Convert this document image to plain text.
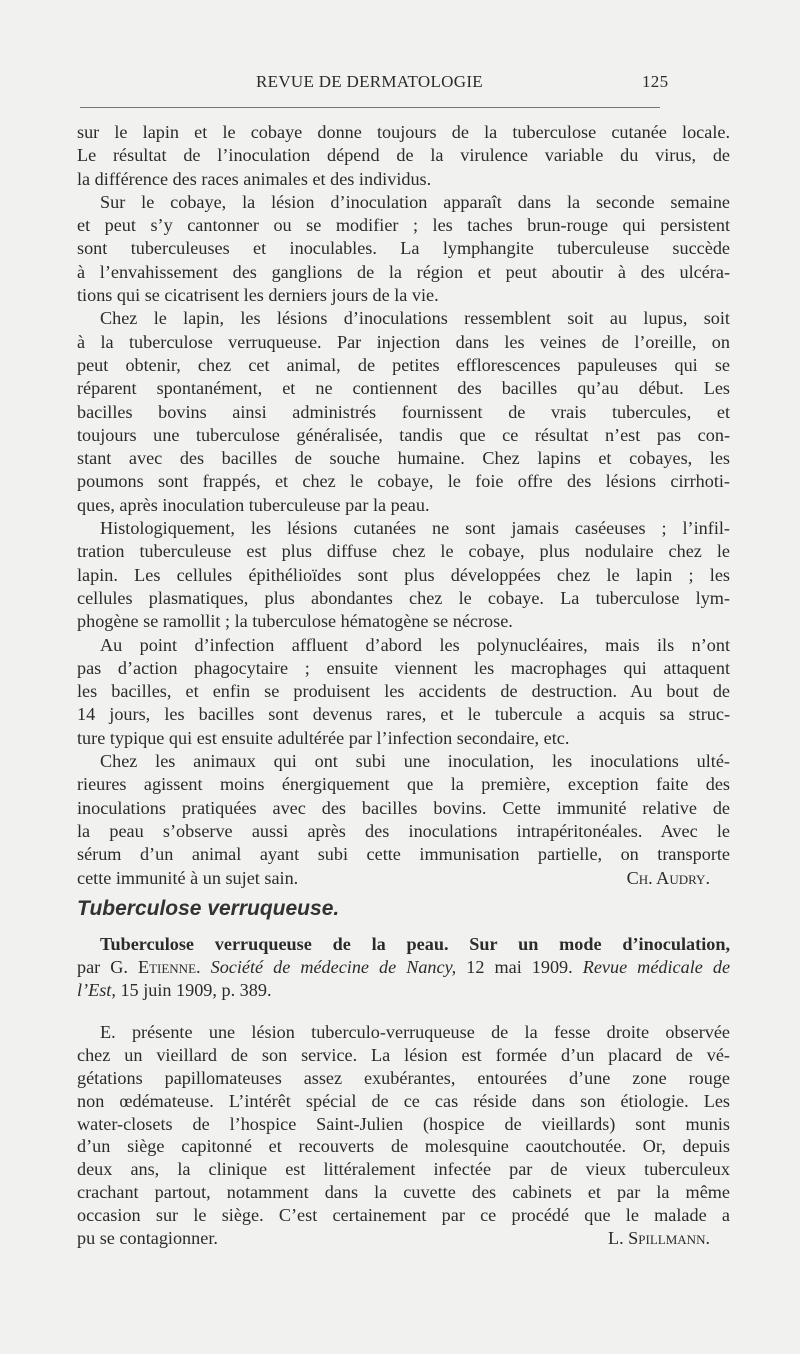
REVUE DE DERMATOLOGIE	125
sur le lapin et le cobaye donne toujours de la tuberculose cutanée locale.
Le résultat de l’inoculation dépend de la virulence variable du virus, de
la différence des races animales et des individus.
Sur le cobaye, la lésion d’inoculation apparaît dans la seconde semaine
et peut s’y cantonner ou se modifier ; les taches brun-rouge qui persistent
sont tuberculeuses et inoculables. La lymphangite tuberculeuse succède
à l’envahissement des ganglions de la région et peut aboutir à des ulcéra-
tions qui se cicatrisent les derniers jours de la vie.
Chez le lapin, les lésions d’inoculations ressemblent soit au lupus, soit
à la tuberculose verruqueuse. Par injection dans les veines de l’oreille, on
peut obtenir, chez cet animal, de petites efflorescences papuleuses qui se
réparent spontanément, et ne contiennent des bacilles qu’au début. Les
bacilles bovins ainsi administrés fournissent de vrais tubercules, et
toujours une tuberculose généralisée, tandis que ce résultat n’est pas con-
stant avec des bacilles de souche humaine. Chez lapins et cobayes, les
poumons sont frappés, et chez le cobaye, le foie offre des lésions cirrhoti-
ques, après inoculation tuberculeuse par la peau.
Histologiquement, les lésions cutanées ne sont jamais caséeuses ; l’infil-
tration tuberculeuse est plus diffuse chez le cobaye, plus nodulaire chez le
lapin. Les cellules épithélioïdes sont plus développées chez le lapin ; les
cellules plasmatiques, plus abondantes chez le cobaye. La tuberculose lym-
phogène se ramollit ; la tuberculose hématogène se nécrose.
Au point d’infection affluent d’abord les polynucléaires, mais ils n’ont
pas d’action phagocytaire ; ensuite viennent les macrophages qui attaquent
les bacilles, et enfin se produisent les accidents de destruction. Au bout de
14 jours, les bacilles sont devenus rares, et le tubercule a acquis sa struc-
ture typique qui est ensuite adultérée par l’infection secondaire, etc.
Chez les animaux qui ont subi une inoculation, les inoculations ulté-
rieures agissent moins énergiquement que la première, exception faite des
inoculations pratiquées avec des bacilles bovins. Cette immunité relative de
la peau s’observe aussi après des inoculations intrapéritonéales. Avec le
sérum d’un animal ayant subi cette immunisation partielle, on transporte
cette immunité à un sujet sain.	Ch. Audry.
Tuberculose verruqueuse.
Tuberculose verruqueuse de la peau. Sur un mode d’inoculation,
par G. Etienne. Société de médecine de Nancy, 12 mai 1909. Revue médicale de
l’Est, 15 juin 1909, p. 389.
E. présente une lésion tuberculo-verruqueuse de la fesse droite observée
chez un vieillard de son service. La lésion est formée d’un placard de vé-
gétations papillomateuses assez exubérantes, entourées d’une zone rouge
non œdémateuse. L’intérêt spécial de ce cas réside dans son étiologie. Les
water-closets de l’hospice Saint-Julien (hospice de vieillards) sont munis
d’un siège capitonné et recouverts de molesquine caoutchoutée. Or, depuis
deux ans, la clinique est littéralement infectée par de vieux tuberculeux
crachant partout, notamment dans la cuvette des cabinets et par la même
occasion sur le siège. C’est certainement par ce procédé que le malade a
pu se contagionner.	L. Spillmann.
